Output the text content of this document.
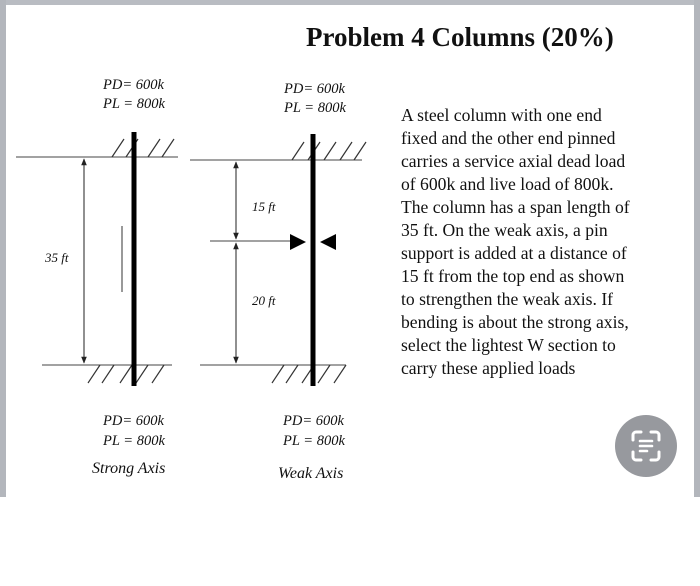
Problem 4 Columns (20%)
PD= 600k
PL = 800k
35 ft
PD= 600k
PL = 800k
Strong Axis
PD= 600k
PL = 800k
15 ft
20 ft
PD= 600k
PL = 800k
Weak Axis
A steel column with one end
fixed and the other end pinned
carries a service axial dead load
of 600k and live load of 800k.
The column has a span length of
35 ft. On the weak axis, a pin
support is added at a distance of
15 ft from the top end as shown
to strengthen the weak axis. If
bending is about the strong axis,
select the lightest W section to
carry these applied loads
